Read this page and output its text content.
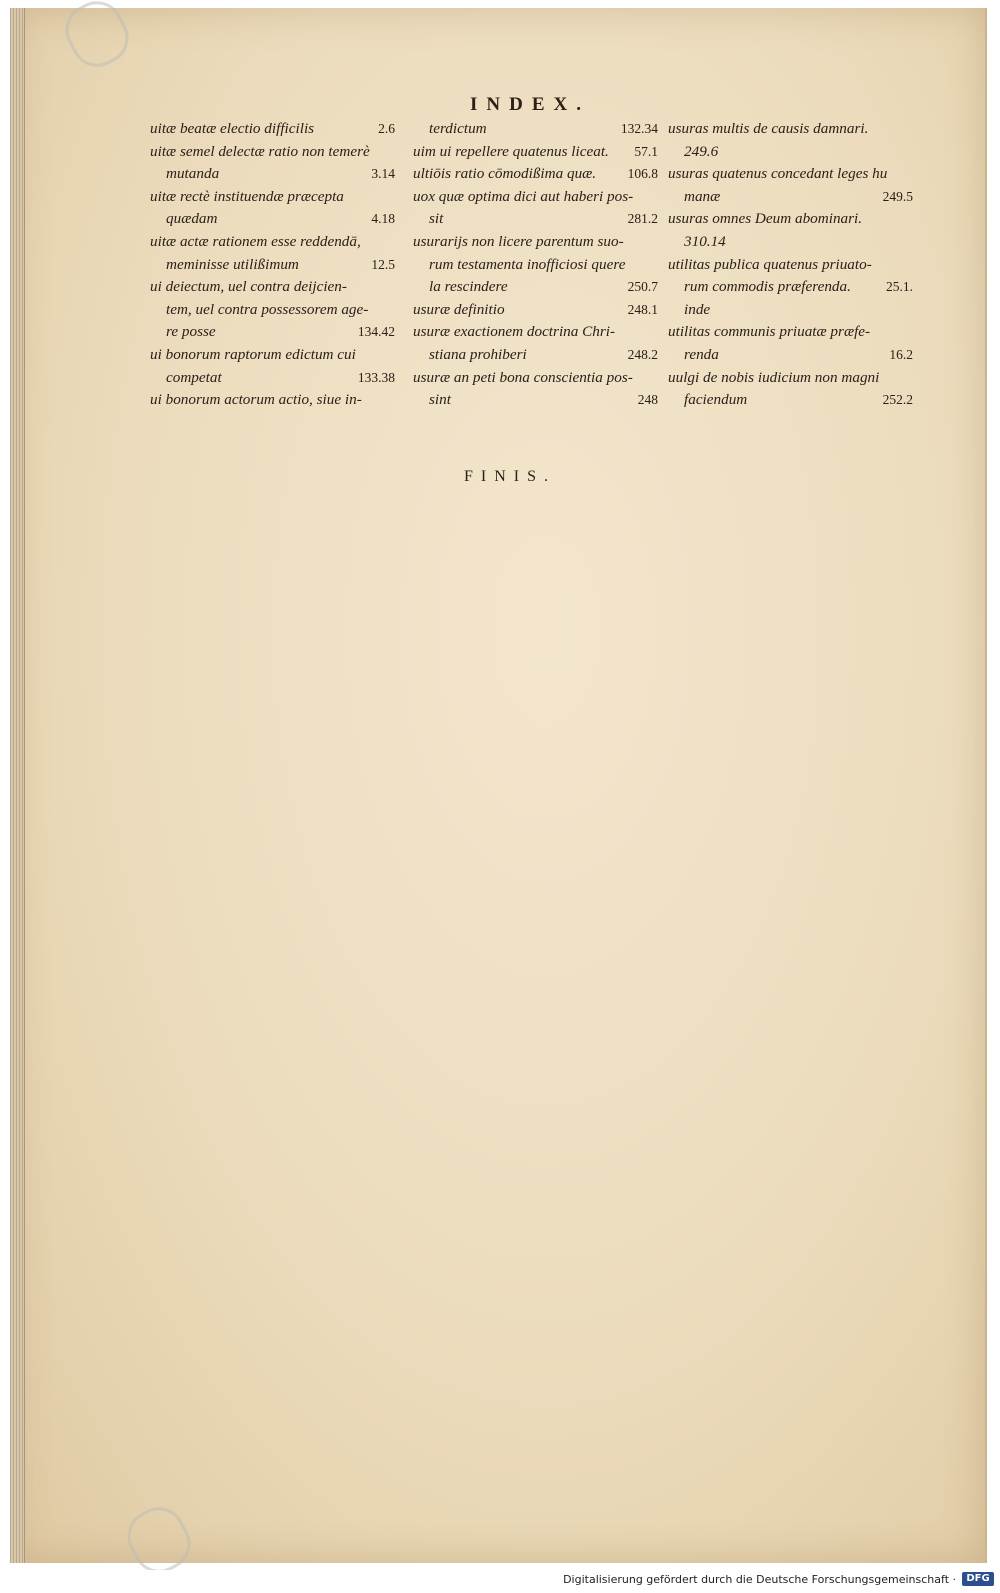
INDEX.
uitæ beatæ electio difficilis	2.6
uitæ semel delectæ ratio non temerè
mutanda	3.14
uitæ rectè instituendæ præcepta
quædam	4.18
uitæ actæ rationem esse reddendā,
meminisse utilißimum	12.5
ui deiectum, uel contra deijcien-
tem, uel contra possessorem age-
re posse	134.42
ui bonorum raptorum edictum cui
competat	133.38
ui bonorum actorum actio, siue in-
terdictum	132.34
uim ui repellere quatenus liceat. 57.1
ultiōis ratio cōmodißima quæ. 106.8
uox quæ optima dici aut haberi pos-
sit	281.2
usurarijs non licere parentum suo-
rum testamenta inofficiosi quere
la rescindere	250.7
usuræ definitio	248.1
usuræ exactionem doctrina Chri-
stiana prohiberi	248.2
usuræ an peti bona conscientia pos-
sint	248
usuras multis de causis damnari.
249.6
usuras quatenus concedant leges hu
manæ	249.5
usuras omnes Deum abominari.
310.14
utilitas publica quatenus priuato-
rum commodis præferenda.	25.1.
inde
utilitas communis priuatæ præfe-
renda	16.2
uulgi de nobis iudicium non magni
faciendum	252.2
FINIS.
Digitalisierung gefördert durch die Deutsche Forschungsgemeinschaft ·	DFG
